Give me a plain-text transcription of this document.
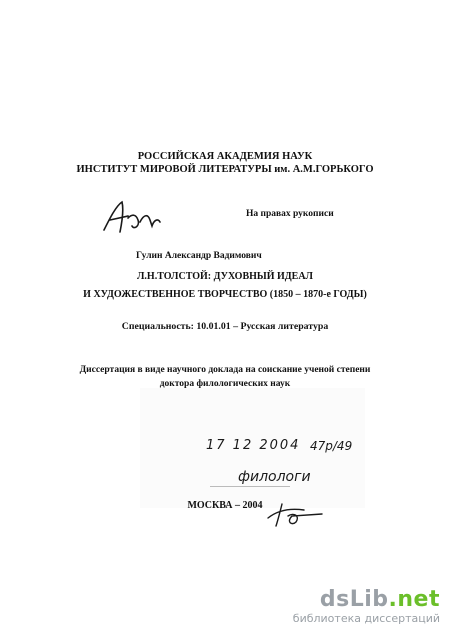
РОССИЙСКАЯ АКАДЕМИЯ НАУК
ИНСТИТУТ МИРОВОЙ ЛИТЕРАТУРЫ им. А.М.ГОРЬКОГО
На правах рукописи
Гулин Александр Вадимович
Л.Н.ТОЛСТОЙ: ДУХОВНЫЙ ИДЕАЛ
И ХУДОЖЕСТВЕННОЕ ТВОРЧЕСТВО (1850 – 1870-е ГОДЫ)
Специальность: 10.01.01 – Русская литература
Диссертация в виде научного доклада на соискание ученой степени
доктора филологических наук
17 12 2004 47р/49
филологи
МОСКВА – 2004
dsLib.net
библиотека диссертаций
